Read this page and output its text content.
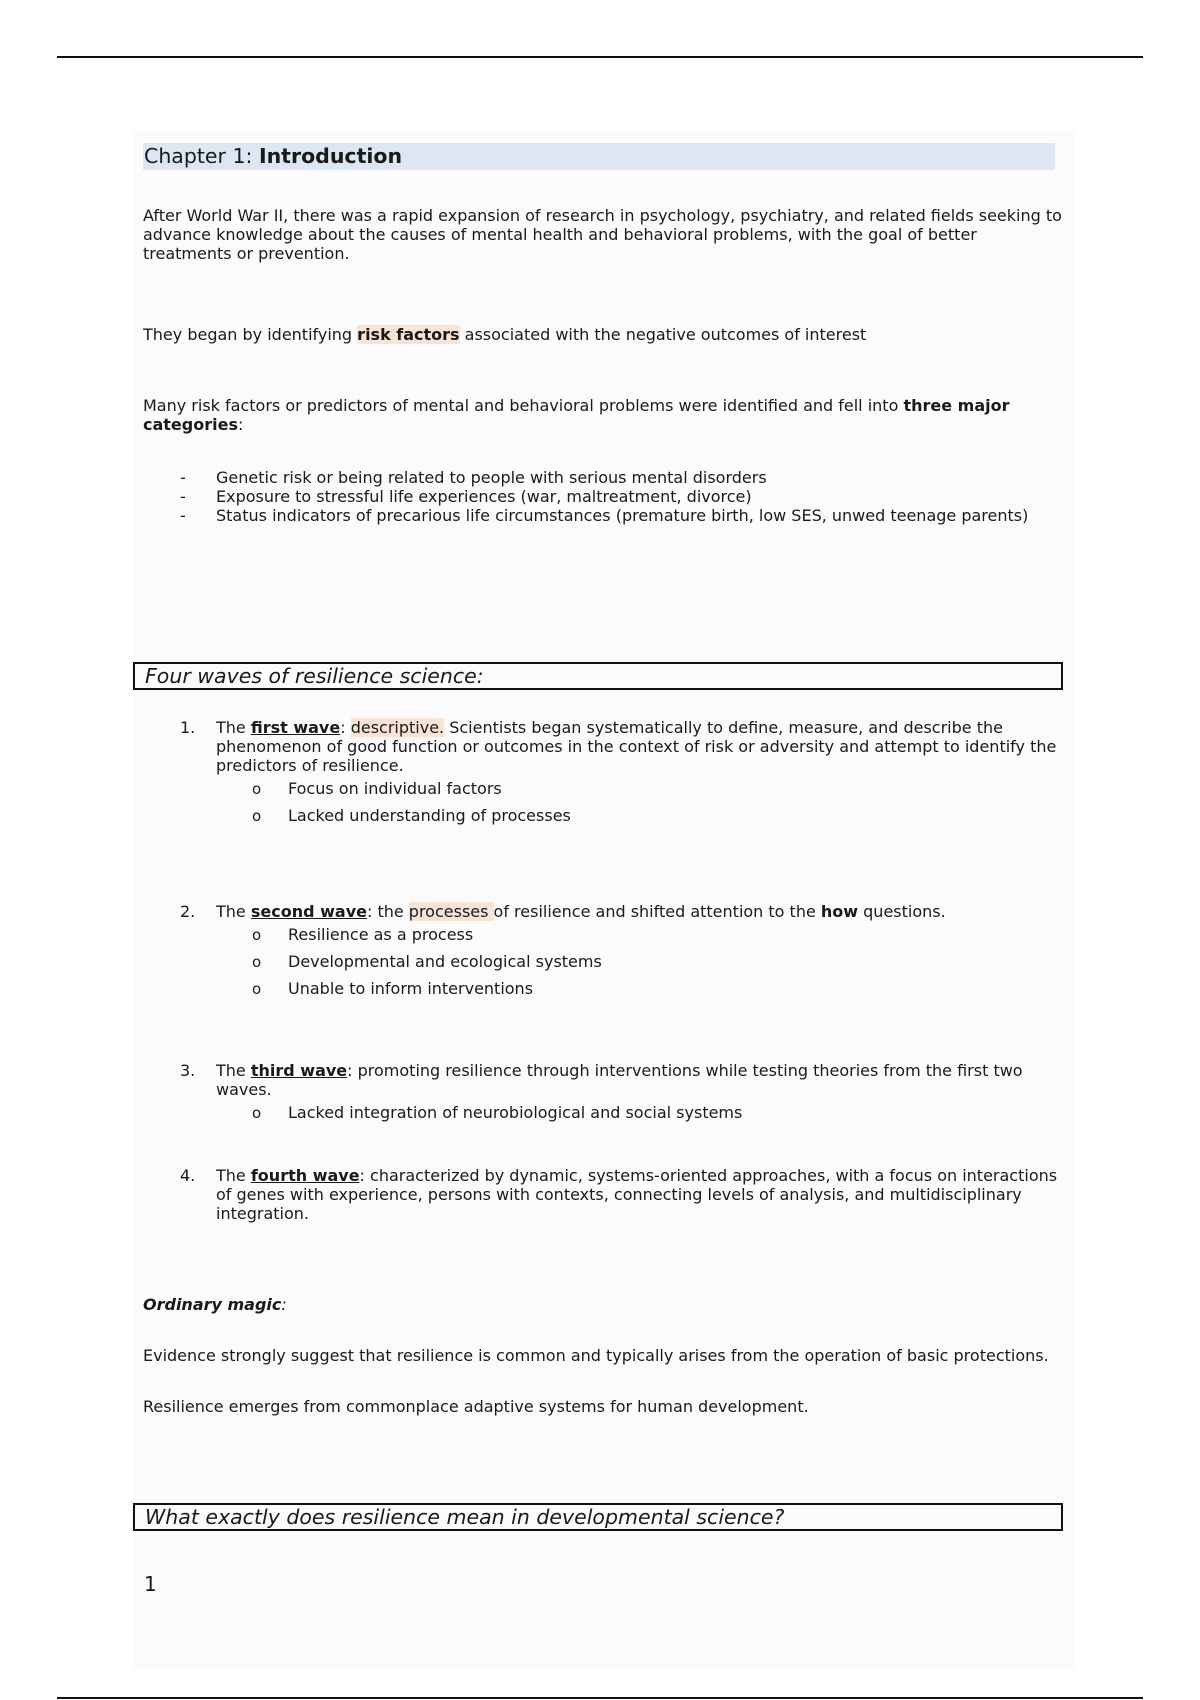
Chapter 1: Introduction

After World War II, there was a rapid expansion of research in psychology, psychiatry, and related fields seeking to advance knowledge about the causes of mental health and behavioral problems, with the goal of better treatments or prevention.

They began by identifying risk factors associated with the negative outcomes of interest

Many risk factors or predictors of mental and behavioral problems were identified and fell into three major categories:

- Genetic risk or being related to people with serious mental disorders
- Exposure to stressful life experiences (war, maltreatment, divorce)
- Status indicators of precarious life circumstances (premature birth, low SES, unwed teenage parents)
Four waves of resilience science:
1. The first wave: descriptive. Scientists began systematically to define, measure, and describe the phenomenon of good function or outcomes in the context of risk or adversity and attempt to identify the predictors of resilience.
o Focus on individual factors
o Lacked understanding of processes
2. The second wave: the processes of resilience and shifted attention to the how questions.
o Resilience as a process
o Developmental and ecological systems
o Unable to inform interventions
3. The third wave: promoting resilience through interventions while testing theories from the first two waves.
o Lacked integration of neurobiological and social systems
4. The fourth wave: characterized by dynamic, systems-oriented approaches, with a focus on interactions of genes with experience, persons with contexts, connecting levels of analysis, and multidisciplinary integration.

Ordinary magic:

Evidence strongly suggest that resilience is common and typically arises from the operation of basic protections.

Resilience emerges from commonplace adaptive systems for human development.

What exactly does resilience mean in developmental science?
1
